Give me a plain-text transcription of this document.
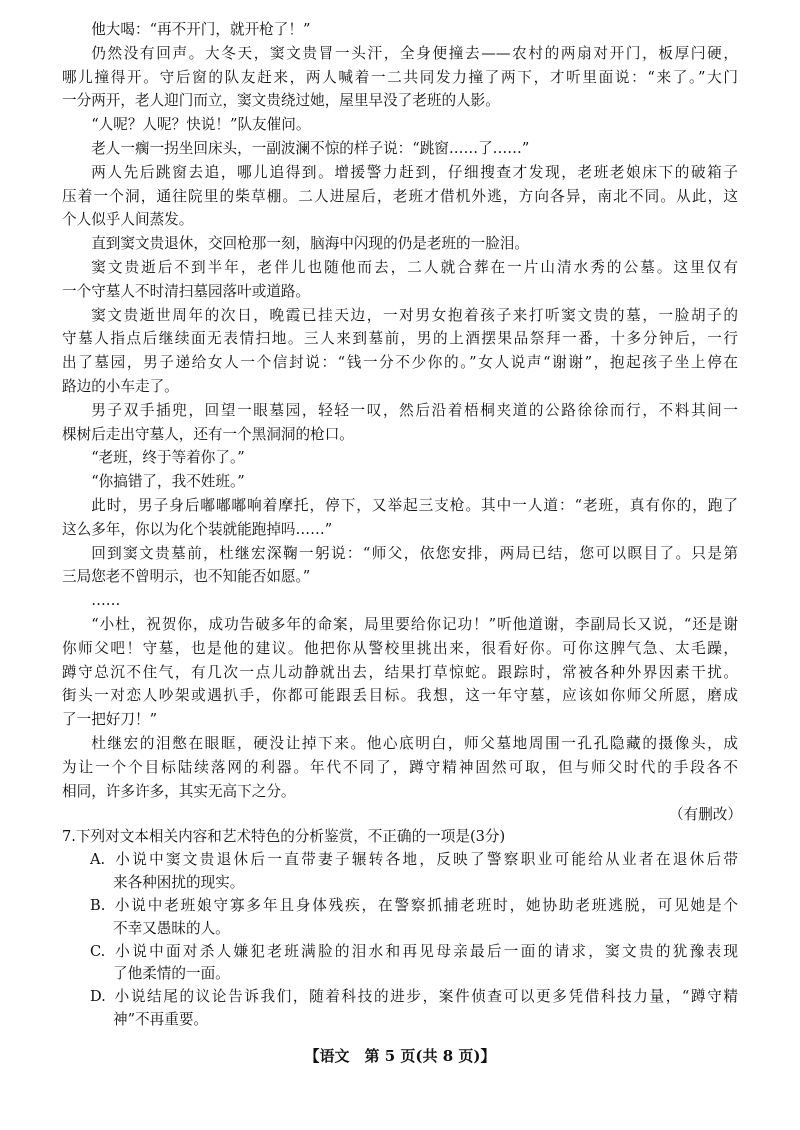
他大喝：“再不开门，就开枪了！”
仍然没有回声。大冬天，窦文贵冒一头汗，全身便撞去——农村的两扇对开门，板厚闩硬，
哪儿撞得开。守后窗的队友赶来，两人喊着一二共同发力撞了两下，才听里面说：“来了。”大门
一分两开，老人迎门而立，窦文贵绕过她，屋里早没了老班的人影。
“人呢？人呢？快说！”队友催问。
老人一瘸一拐坐回床头，一副波澜不惊的样子说：“跳窗……了……”
两人先后跳窗去追，哪儿追得到。增援警力赶到，仔细搜查才发现，老班老娘床下的破箱子
压着一个洞，通往院里的柴草棚。二人进屋后，老班才借机外逃，方向各异，南北不同。从此，这
个人似乎人间蒸发。
直到窦文贵退休，交回枪那一刻，脑海中闪现的仍是老班的一脸泪。
窦文贵逝后不到半年，老伴儿也随他而去，二人就合葬在一片山清水秀的公墓。这里仅有
一个守墓人不时清扫墓园落叶或道路。
窦文贵逝世周年的次日，晚霞已挂天边，一对男女抱着孩子来打听窦文贵的墓，一脸胡子的
守墓人指点后继续面无表情扫地。三人来到墓前，男的上酒摆果品祭拜一番，十多分钟后，一行
出了墓园，男子递给女人一个信封说：“钱一分不少你的。”女人说声“谢谢”，抱起孩子坐上停在
路边的小车走了。
男子双手插兜，回望一眼墓园，轻轻一叹，然后沿着梧桐夹道的公路徐徐而行，不料其间一
棵树后走出守墓人，还有一个黑洞洞的枪口。
“老班，终于等着你了。”
“你搞错了，我不姓班。”
此时，男子身后嘟嘟嘟响着摩托，停下，又举起三支枪。其中一人道：“老班，真有你的，跑了
这么多年，你以为化个装就能跑掉吗……”
回到窦文贵墓前，杜继宏深鞠一躬说：“师父，依您安排，两局已结，您可以瞑目了。只是第
三局您老不曾明示，也不知能否如愿。”
……
“小杜，祝贺你，成功告破多年的命案，局里要给你记功！”听他道谢，李副局长又说，“还是谢
你师父吧！守墓，也是他的建议。他把你从警校里挑出来，很看好你。可你这脾气急、太毛躁，
蹲守总沉不住气，有几次一点儿动静就出去，结果打草惊蛇。跟踪时，常被各种外界因素干扰。
街头一对恋人吵架或遇扒手，你都可能跟丢目标。我想，这一年守墓，应该如你师父所愿，磨成
了一把好刀！”
杜继宏的泪憋在眼眶，硬没让掉下来。他心底明白，师父墓地周围一孔孔隐藏的摄像头，成
为让一个个目标陆续落网的利器。年代不同了，蹲守精神固然可取，但与师父时代的手段各不
相同，许多许多，其实无高下之分。
（有删改）
7.下列对文本相关内容和艺术特色的分析鉴赏，不正确的一项是(3分)
A. 小说中窦文贵退休后一直带妻子辗转各地，反映了警察职业可能给从业者在退休后带
来各种困扰的现实。
B. 小说中老班娘守寡多年且身体残疾，在警察抓捕老班时，她协助老班逃脱，可见她是个
不幸又愚昧的人。
C. 小说中面对杀人嫌犯老班满脸的泪水和再见母亲最后一面的请求，窦文贵的犹豫表现
了他柔情的一面。
D. 小说结尾的议论告诉我们，随着科技的进步，案件侦查可以更多凭借科技力量，“蹲守精
神”不再重要。
【语文　第 5 页(共 8 页)】
